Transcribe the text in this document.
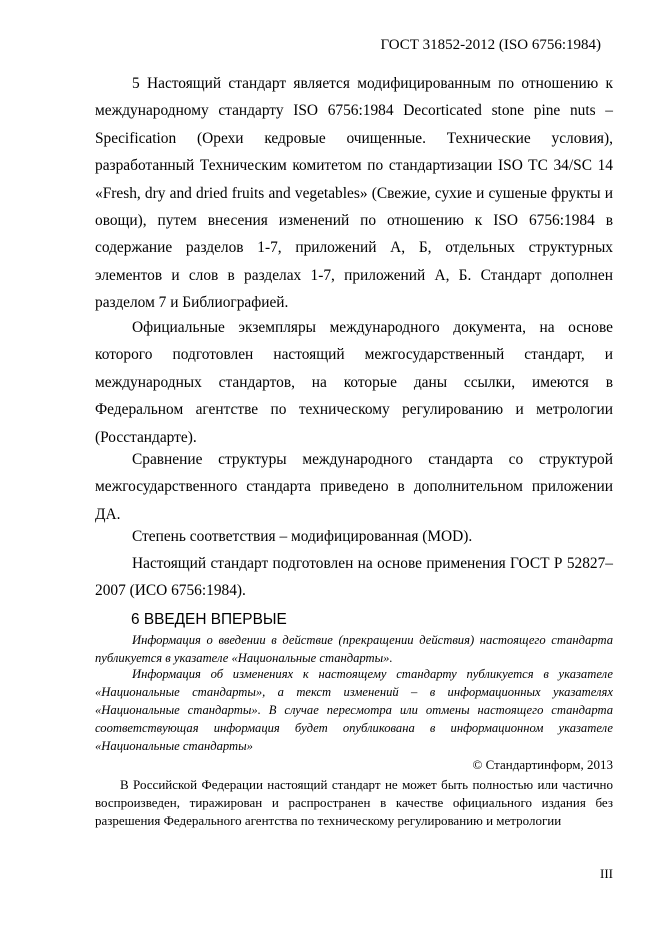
ГОСТ 31852-2012 (ISO 6756:1984)

5 Настоящий стандарт является модифицированным по отношению к международному стандарту ISO 6756:1984 Decorticated stone pine nuts – Specification (Орехи кедровые очищенные. Технические условия), разработанный Техническим комитетом по стандартизации ISO TC 34/SC 14 «Fresh, dry and dried fruits and vegetables» (Свежие, сухие и сушеные фрукты и овощи), путем внесения изменений по отношению к ISO 6756:1984 в содержание разделов 1-7, приложений А, Б, отдельных структурных элементов и слов в разделах 1-7, приложений А, Б. Стандарт дополнен разделом 7 и Библиографией.

Официальные экземпляры международного документа, на основе которого подготовлен настоящий межгосударственный стандарт, и международных стандартов, на которые даны ссылки, имеются в Федеральном агентстве по техническому регулированию и метрологии (Росстандарте).

Сравнение структуры международного стандарта со структурой межгосударственного стандарта приведено в дополнительном приложении ДА.

Степень соответствия – модифицированная (MOD).

Настоящий стандарт подготовлен на основе применения ГОСТ Р 52827–2007 (ИСО 6756:1984).

6 ВВЕДЕН ВПЕРВЫЕ

Информация о введении в действие (прекращении действия) настоящего стандарта публикуется в указателе «Национальные стандарты».

Информация об изменениях к настоящему стандарту публикуется в указателе «Национальные стандарты», а текст изменений – в информационных указателях «Национальные стандарты». В случае пересмотра или отмены настоящего стандарта соответствующая информация будет опубликована в информационном указателе «Национальные стандарты»

© Стандартинформ, 2013

В Российской Федерации настоящий стандарт не может быть полностью или частично воспроизведен, тиражирован и распространен в качестве официального издания без разрешения Федерального агентства по техническому регулированию и метрологии

III
